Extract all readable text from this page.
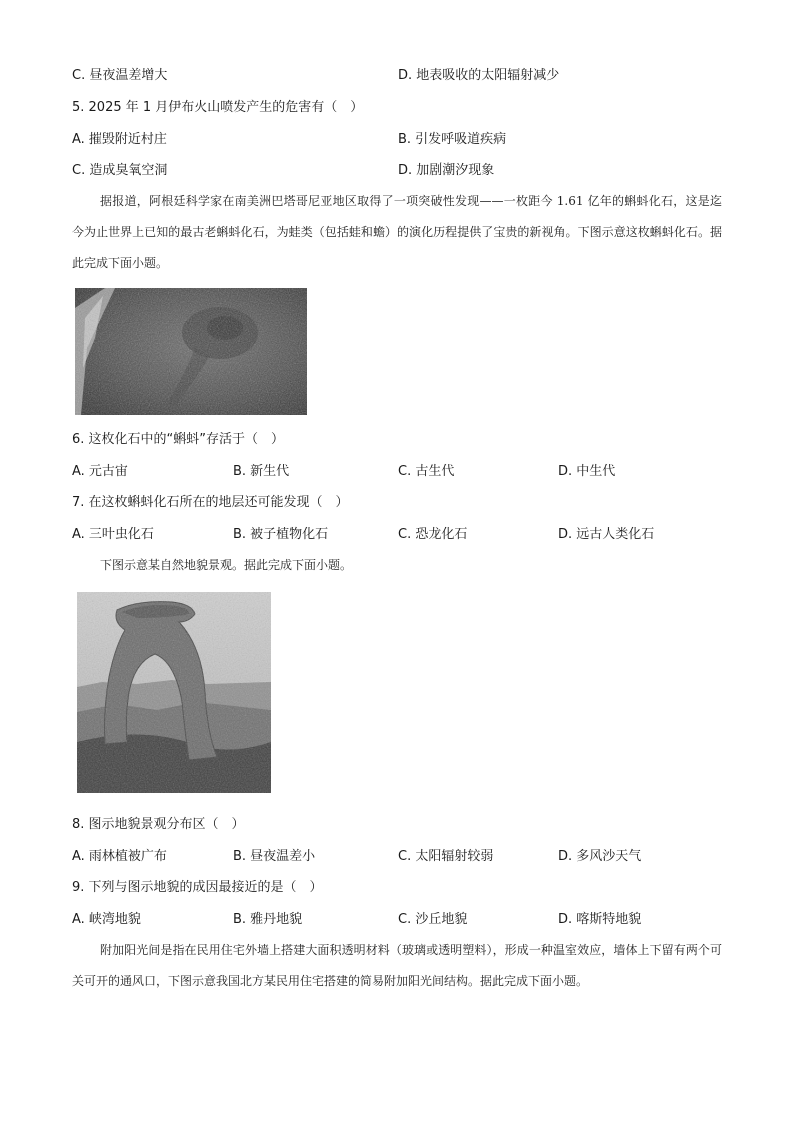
C. 昼夜温差增大	D. 地表吸收的太阳辐射减少
5. 2025 年 1 月伊布火山喷发产生的危害有（　）
A. 摧毁附近村庄	B. 引发呼吸道疾病
C. 造成臭氧空洞	D. 加剧潮汐现象
据报道，阿根廷科学家在南美洲巴塔哥尼亚地区取得了一项突破性发现——一枚距今 1.61 亿年的蝌蚪化石，这是迄今为止世界上已知的最古老蝌蚪化石，为蛙类（包括蛙和蟾）的演化历程提供了宝贵的新视角。下图示意这枚蝌蚪化石。据此完成下面小题。
6. 这枚化石中的“蝌蚪”存活于（　）
A. 元古宙	B. 新生代	C. 古生代	D. 中生代
7. 在这枚蝌蚪化石所在的地层还可能发现（　）
A. 三叶虫化石	B. 被子植物化石	C. 恐龙化石	D. 远古人类化石
下图示意某自然地貌景观。据此完成下面小题。
8. 图示地貌景观分布区（　）
A. 雨林植被广布	B. 昼夜温差小	C. 太阳辐射较弱	D. 多风沙天气
9. 下列与图示地貌的成因最接近的是（　）
A. 峡湾地貌	B. 雅丹地貌	C. 沙丘地貌	D. 喀斯特地貌
附加阳光间是指在民用住宅外墙上搭建大面积透明材料（玻璃或透明塑料），形成一种温室效应，墙体上下留有两个可关可开的通风口，下图示意我国北方某民用住宅搭建的简易附加阳光间结构。据此完成下面小题。
